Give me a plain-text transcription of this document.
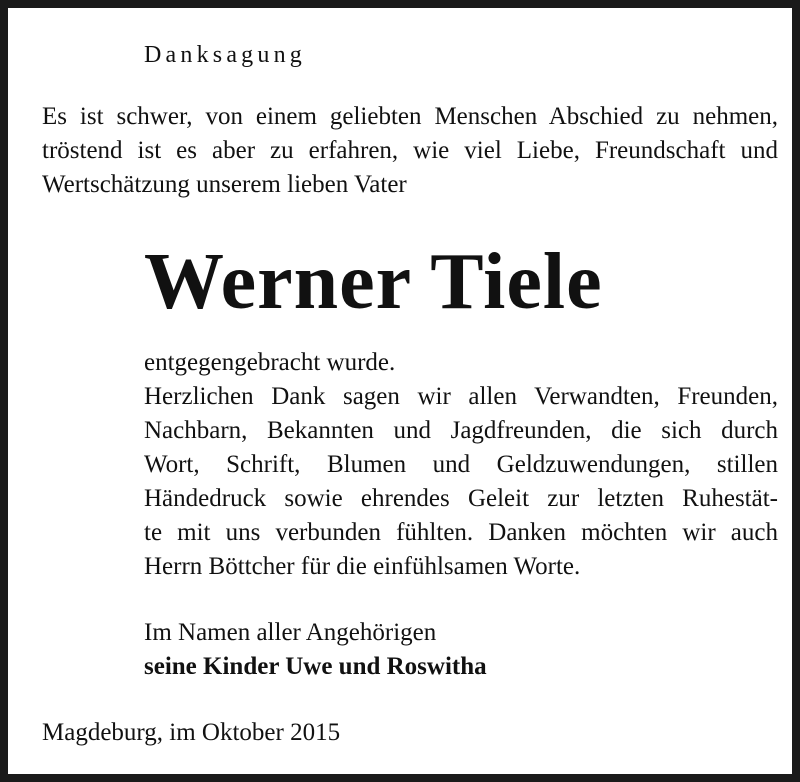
Danksagung
Es ist schwer, von einem geliebten Menschen Abschied zu nehmen,
tröstend ist es aber zu erfahren, wie viel Liebe, Freundschaft und
Wertschätzung unserem lieben Vater
Werner Tiele
entgegengebracht wurde.
Herzlichen Dank sagen wir allen Verwandten, Freunden,
Nachbarn, Bekannten und Jagdfreunden, die sich durch
Wort, Schrift, Blumen und Geldzuwendungen, stillen
Händedruck sowie ehrendes Geleit zur letzten Ruhestät-
te mit uns verbunden fühlten. Danken möchten wir auch
Herrn Böttcher für die einfühlsamen Worte.
Im Namen aller Angehörigen
seine Kinder Uwe und Roswitha
Magdeburg, im Oktober 2015
